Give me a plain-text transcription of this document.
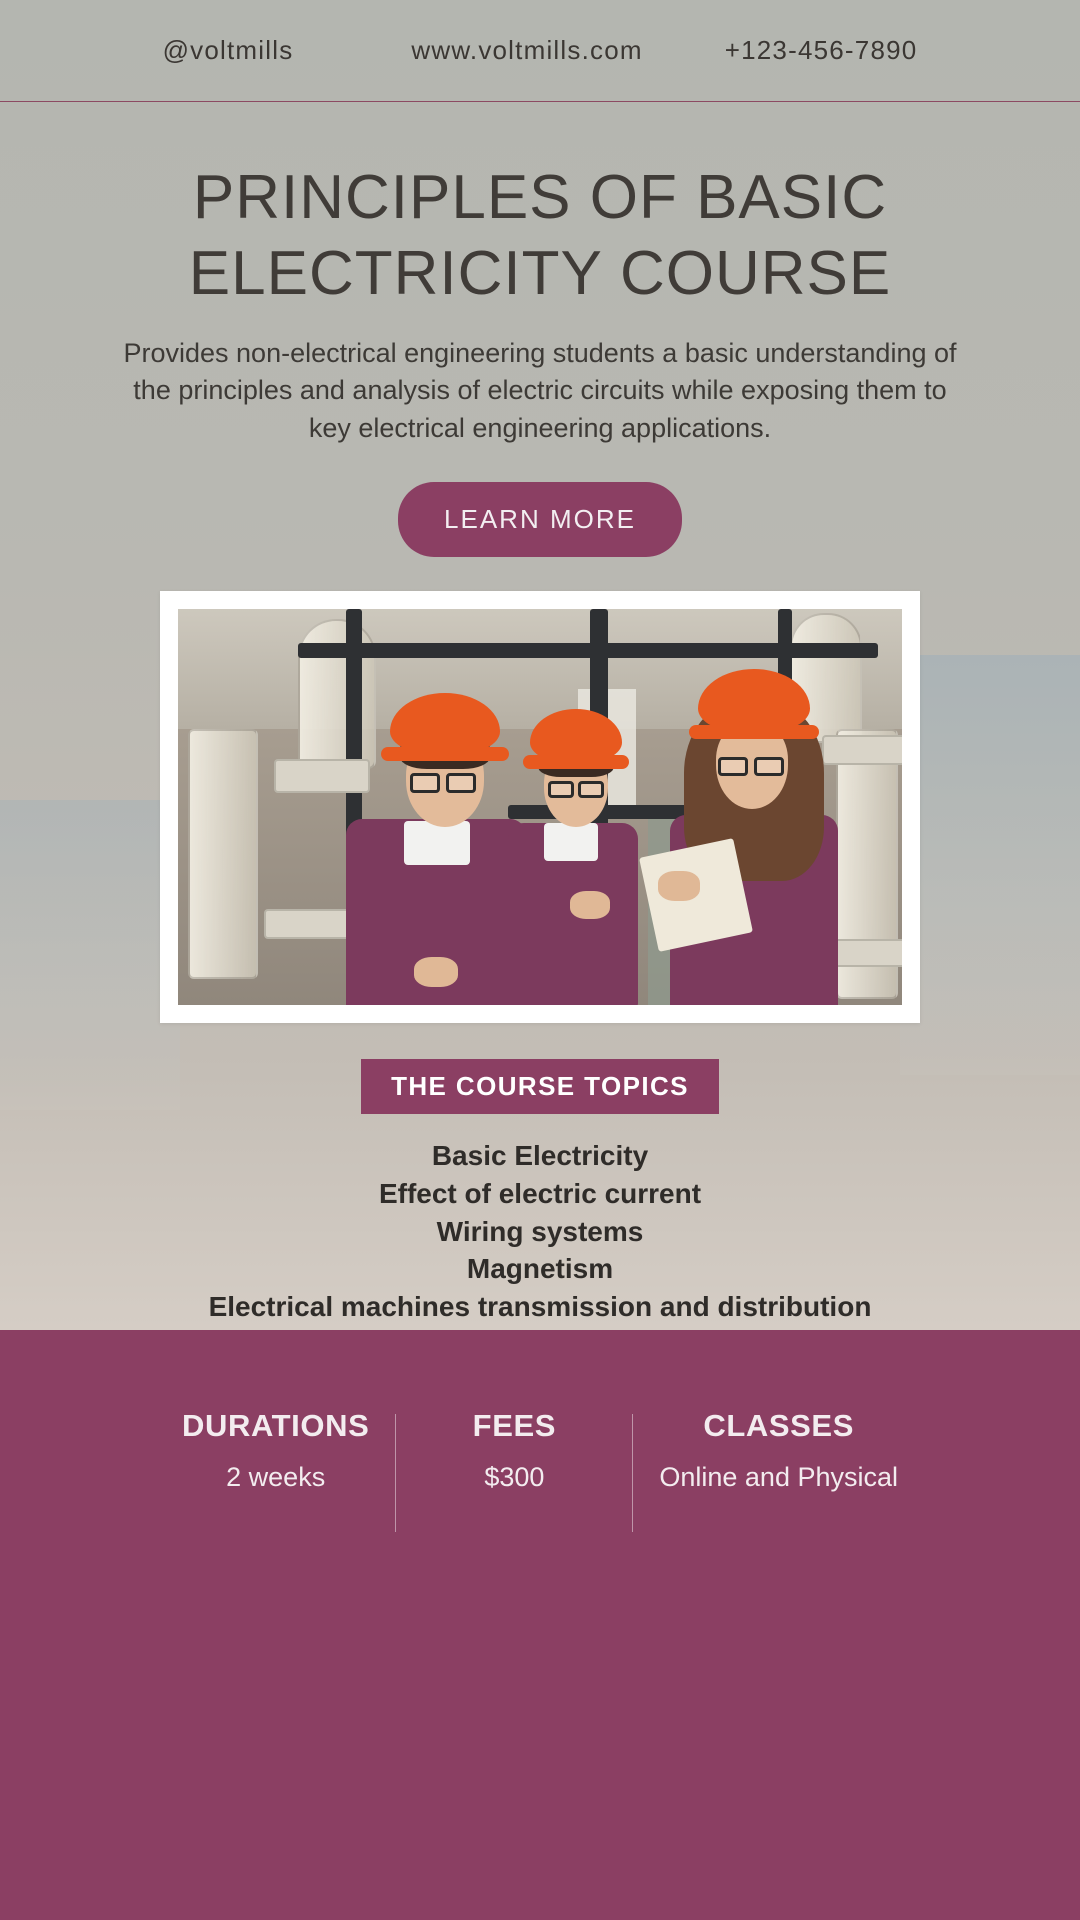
@voltmills	www.voltmills.com	+123-456-7890
PRINCIPLES OF BASIC ELECTRICITY COURSE

Provides non-electrical engineering students a basic understanding of the principles and analysis of electric circuits while exposing them to key electrical engineering applications.

LEARN MORE
THE COURSE TOPICS
Basic Electricity
Effect of electric current
Wiring systems
Magnetism
Electrical machines transmission and distribution
DURATIONS
2 weeks
FEES
$300
CLASSES
Online and Physical
